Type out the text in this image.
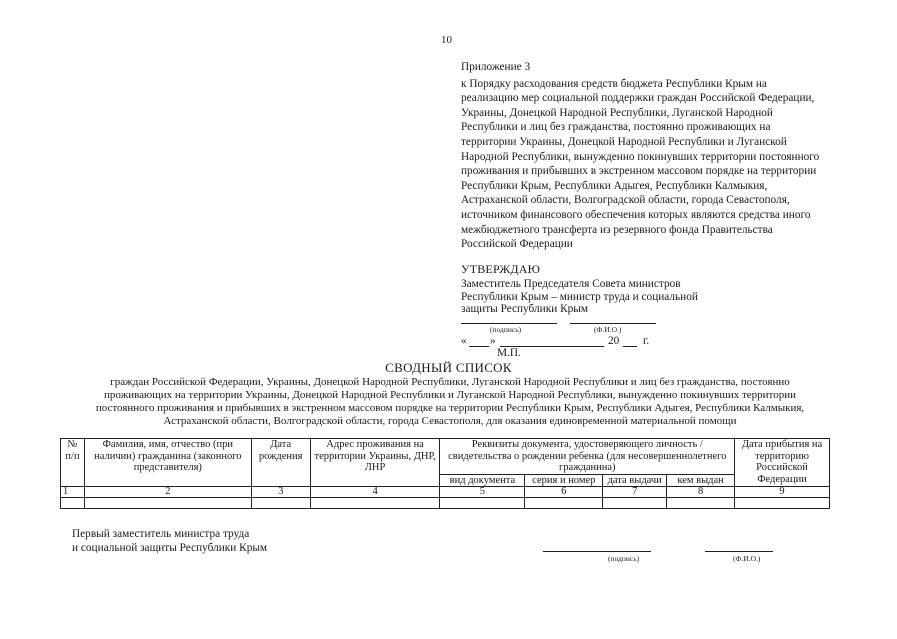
10
Приложение 3
к Порядку расходования средств бюджета Республики Крым на реализацию мер социальной поддержки граждан Российской Федерации, Украины, Донецкой Народной Республики, Луганской Народной Республики и лиц без гражданства, постоянно проживающих на территории Украины, Донецкой Народной Республики и Луганской Народной Республики, вынужденно покинувших территории постоянного проживания и прибывших в экстренном массовом порядке на территории Республики Крым, Республики Адыгея, Республики Калмыкия, Астраханской области, Волгоградской области, города Севастополя, источником финансового обеспечения которых являются средства иного межбюджетного трансферта из резервного фонда Правительства Российской Федерации
УТВЕРЖДАЮ
Заместитель Председателя Совета министров
Республики Крым – министр труда и социальной
защиты Республики Крым
(подпись)	(Ф.И.О.)
« »	20 г.
М.П.
СВОДНЫЙ СПИСОК
граждан Российской Федерации, Украины, Донецкой Народной Республики, Луганской Народной Республики и лиц без гражданства, постоянно проживающих на территории Украины, Донецкой Народной Республики и Луганской Народной Республики, вынужденно покинувших территории постоянного проживания и прибывших в экстренном массовом порядке на территории Республики Крым, Республики Адыгея, Республики Калмыкия, Астраханской области, Волгоградской области, города Севастополя, для оказания единовременной материальной помощи
№ п/п	Фамилия, имя, отчество (при наличии) гражданина (законного представителя)	Дата рождения	Адрес проживания на территории Украины, ДНР, ЛНР	Реквизиты документа, удостоверяющего личность / свидетельства о рождении ребенка (для несовершеннолетнего гражданина)				Дата прибытия на территорию Российской Федерации
				вид документа	серия и номер	дата выдачи	кем выдан	
1	2	3	4	5	6	7	8	9

Первый заместитель министра труда
и социальной защиты Республики Крым
(подпись)	(Ф.И.О.)
